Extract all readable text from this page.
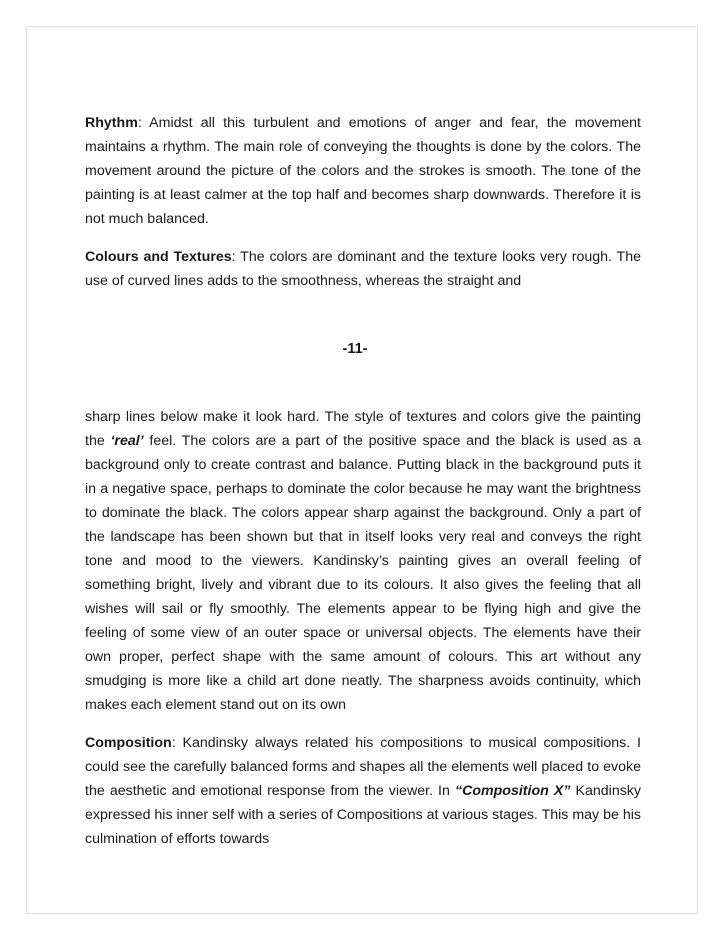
Rhythm: Amidst all this turbulent and emotions of anger and fear, the movement maintains a rhythm. The main role of conveying the thoughts is done by the colors. The movement around the picture of the colors and the strokes is smooth. The tone of the painting is at least calmer at the top half and becomes sharp downwards. Therefore it is not much balanced.

Colours and Textures: The colors are dominant and the texture looks very rough. The use of curved lines adds to the smoothness, whereas the straight and

-11-

sharp lines below make it look hard. The style of textures and colors give the painting the ‘real’ feel. The colors are a part of the positive space and the black is used as a background only to create contrast and balance. Putting black in the background puts it in a negative space, perhaps to dominate the color because he may want the brightness to dominate the black. The colors appear sharp against the background. Only a part of the landscape has been shown but that in itself looks very real and conveys the right tone and mood to the viewers. Kandinsky’s painting gives an overall feeling of something bright, lively and vibrant due to its colours. It also gives the feeling that all wishes will sail or fly smoothly. The elements appear to be flying high and give the feeling of some view of an outer space or universal objects. The elements have their own proper, perfect shape with the same amount of colours. This art without any smudging is more like a child art done neatly. The sharpness avoids continuity, which makes each element stand out on its own

Composition: Kandinsky always related his compositions to musical compositions. I could see the carefully balanced forms and shapes all the elements well placed to evoke the aesthetic and emotional response from the viewer. In “Composition X” Kandinsky expressed his inner self with a series of Compositions at various stages. This may be his culmination of efforts towards
